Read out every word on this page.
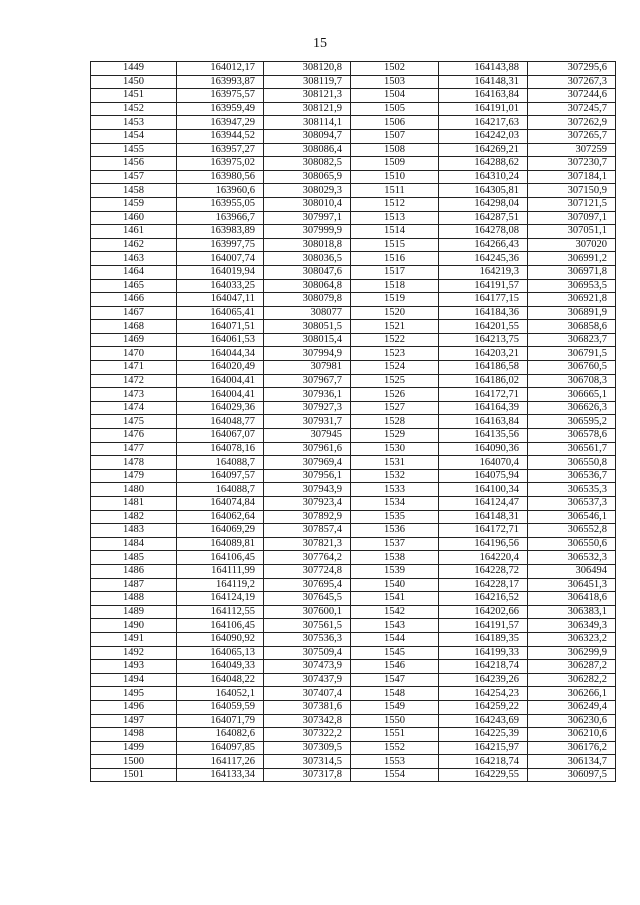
15
1449	164012,17	308120,8	1502	164143,88	307295,6
1450	163993,87	308119,7	1503	164148,31	307267,3
1451	163975,57	308121,3	1504	164163,84	307244,6
1452	163959,49	308121,9	1505	164191,01	307245,7
1453	163947,29	308114,1	1506	164217,63	307262,9
1454	163944,52	308094,7	1507	164242,03	307265,7
1455	163957,27	308086,4	1508	164269,21	307259
1456	163975,02	308082,5	1509	164288,62	307230,7
1457	163980,56	308065,9	1510	164310,24	307184,1
1458	163960,6	308029,3	1511	164305,81	307150,9
1459	163955,05	308010,4	1512	164298,04	307121,5
1460	163966,7	307997,1	1513	164287,51	307097,1
1461	163983,89	307999,9	1514	164278,08	307051,1
1462	163997,75	308018,8	1515	164266,43	307020
1463	164007,74	308036,5	1516	164245,36	306991,2
1464	164019,94	308047,6	1517	164219,3	306971,8
1465	164033,25	308064,8	1518	164191,57	306953,5
1466	164047,11	308079,8	1519	164177,15	306921,8
1467	164065,41	308077	1520	164184,36	306891,9
1468	164071,51	308051,5	1521	164201,55	306858,6
1469	164061,53	308015,4	1522	164213,75	306823,7
1470	164044,34	307994,9	1523	164203,21	306791,5
1471	164020,49	307981	1524	164186,58	306760,5
1472	164004,41	307967,7	1525	164186,02	306708,3
1473	164004,41	307936,1	1526	164172,71	306665,1
1474	164029,36	307927,3	1527	164164,39	306626,3
1475	164048,77	307931,7	1528	164163,84	306595,2
1476	164067,07	307945	1529	164135,56	306578,6
1477	164078,16	307961,6	1530	164090,36	306561,7
1478	164088,7	307969,4	1531	164070,4	306550,8
1479	164097,57	307956,1	1532	164075,94	306536,7
1480	164088,7	307943,9	1533	164100,34	306535,3
1481	164074,84	307923,4	1534	164124,47	306537,3
1482	164062,64	307892,9	1535	164148,31	306546,1
1483	164069,29	307857,4	1536	164172,71	306552,8
1484	164089,81	307821,3	1537	164196,56	306550,6
1485	164106,45	307764,2	1538	164220,4	306532,3
1486	164111,99	307724,8	1539	164228,72	306494
1487	164119,2	307695,4	1540	164228,17	306451,3
1488	164124,19	307645,5	1541	164216,52	306418,6
1489	164112,55	307600,1	1542	164202,66	306383,1
1490	164106,45	307561,5	1543	164191,57	306349,3
1491	164090,92	307536,3	1544	164189,35	306323,2
1492	164065,13	307509,4	1545	164199,33	306299,9
1493	164049,33	307473,9	1546	164218,74	306287,2
1494	164048,22	307437,9	1547	164239,26	306282,2
1495	164052,1	307407,4	1548	164254,23	306266,1
1496	164059,59	307381,6	1549	164259,22	306249,4
1497	164071,79	307342,8	1550	164243,69	306230,6
1498	164082,6	307322,2	1551	164225,39	306210,6
1499	164097,85	307309,5	1552	164215,97	306176,2
1500	164117,26	307314,5	1553	164218,74	306134,7
1501	164133,34	307317,8	1554	164229,55	306097,5
